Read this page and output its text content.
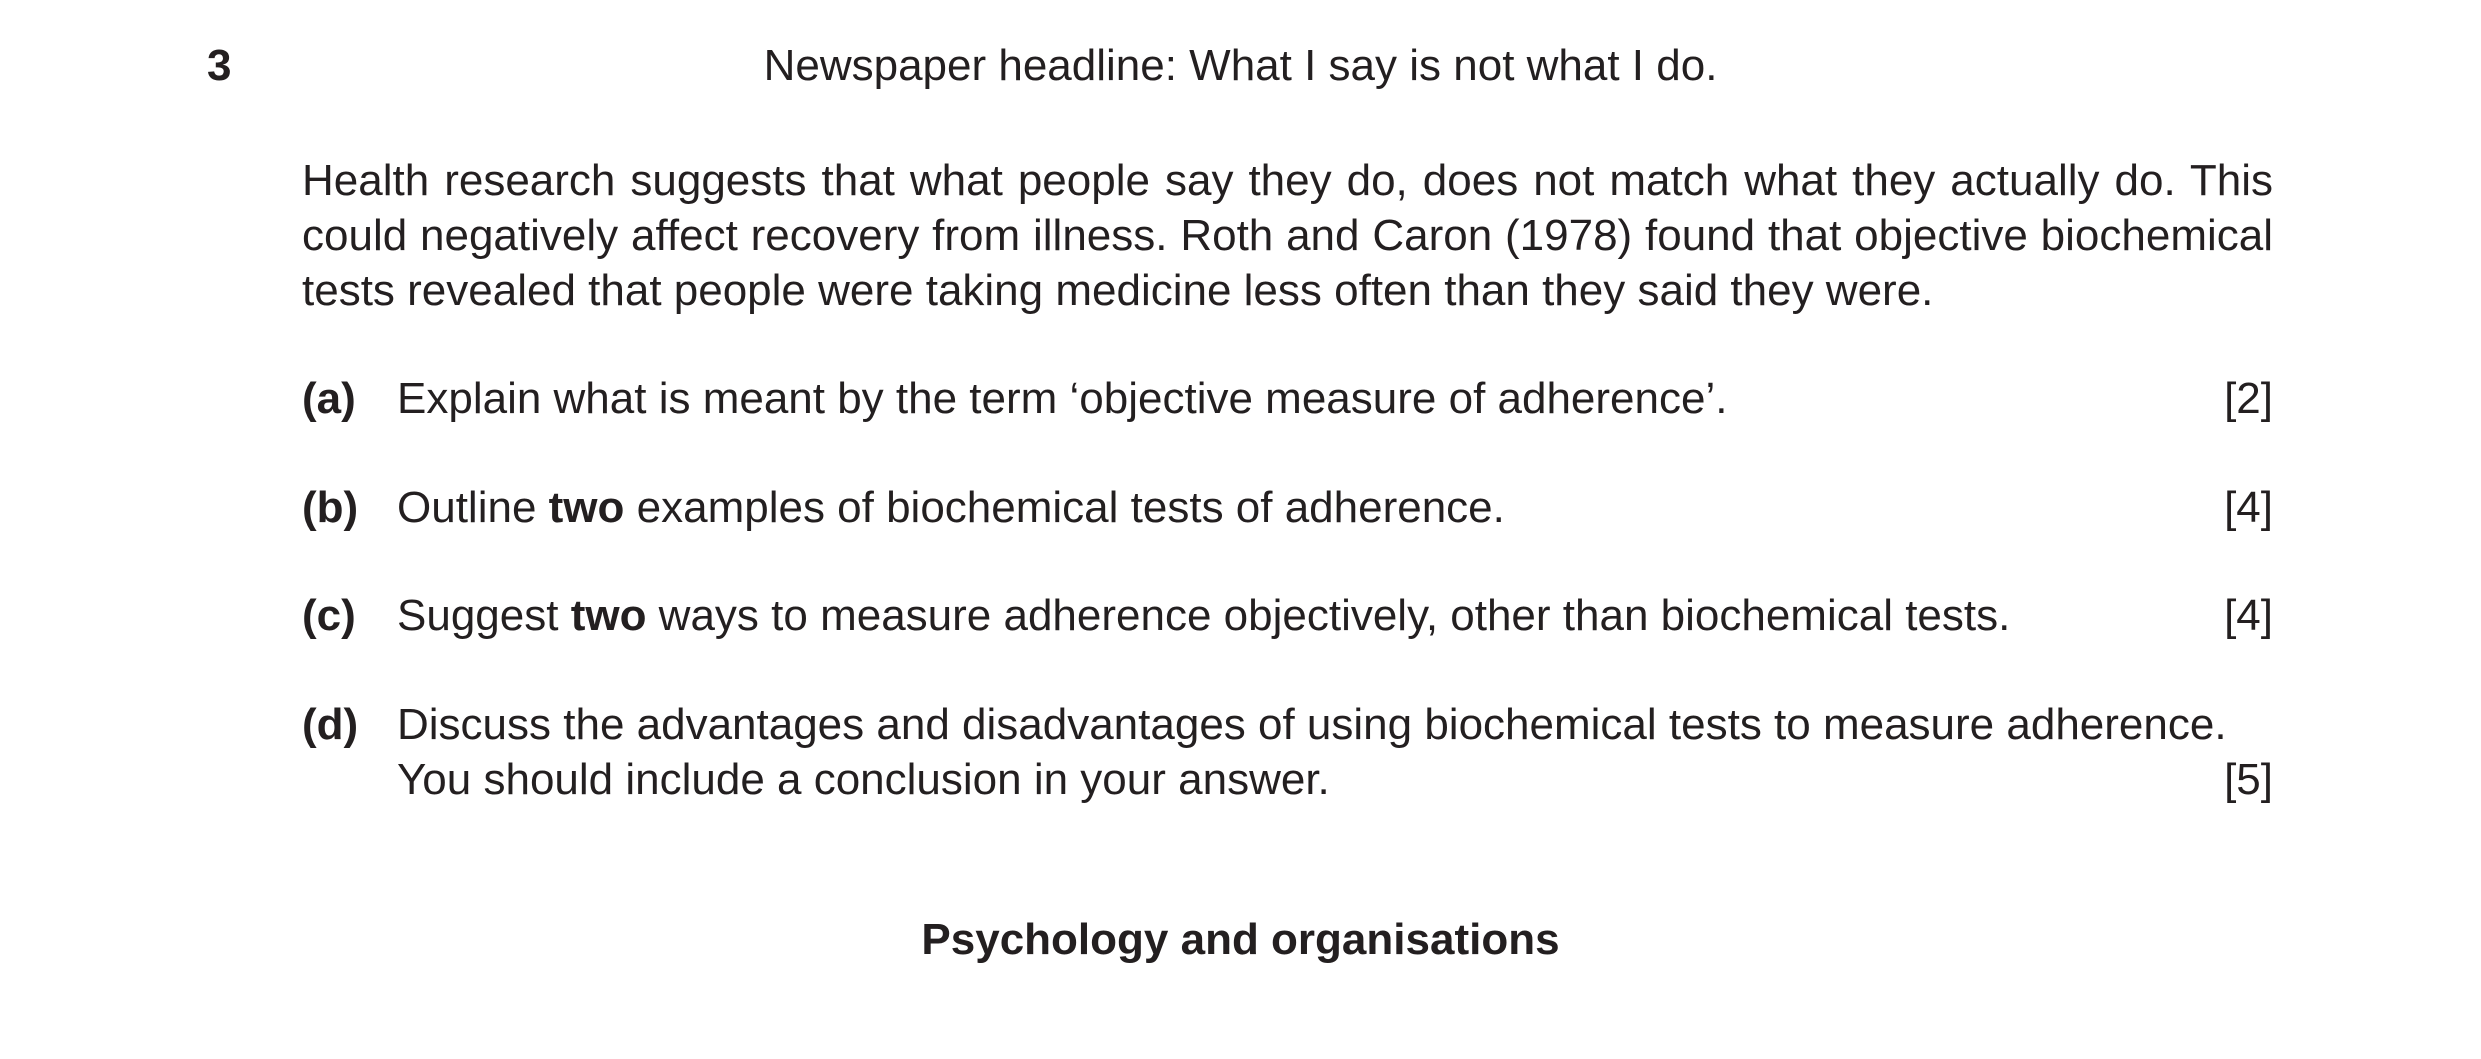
3	Newspaper headline: What I say is not what I do.

Health research suggests that what people say they do, does not match what they actually do. This could negatively affect recovery from illness. Roth and Caron (1978) found that objective biochemical tests revealed that people were taking medicine less often than they said they were.

(a) Explain what is meant by the term ‘objective measure of adherence’.	[2]
(b) Outline two examples of biochemical tests of adherence.	[4]
(c) Suggest two ways to measure adherence objectively, other than biochemical tests.	[4]
(d) Discuss the advantages and disadvantages of using biochemical tests to measure adherence.
You should include a conclusion in your answer.	[5]
Psychology and organisations
